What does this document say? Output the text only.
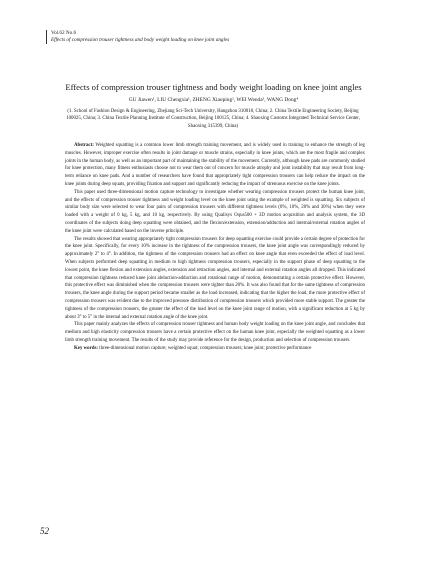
Vol.62 No.6
Effects of compression trouser tightness and body weight loading on knee joint angles
Effects of compression trouser tightness and body weight loading on knee joint angles
GU Jiawen¹, LIU Chengxia¹, ZHENG Xiaoping², WEI Wenda³, WANG Dong⁴
(1. School of Fashion Design & Engineering, Zhejiang Sci-Tech University, Hangzhou 310018, China; 2. China Textile Engineering Society, Beijing 100025, China; 3. China Textile Planning Institute of Construction, Beijing 100125, China; 4. Shaoxing Customs Integrated Technical Service Center, Shaoxing 315399, China)

Abstract: Weighted squatting is a common lower limb strength training movement, and is widely used in training to enhance the strength of leg muscles. However, improper exercise often results in joint damage or muscle strains, especially in knee joints, which are the most fragile and complex joints in the human body, as well as an important part of maintaining the stability of the movement. Currently, although knee pads are commonly studied for knee protection, many fitness enthusiasts choose not to wear them out of concern for muscle atrophy and joint instability that may result from long-term reliance on knee pads. And a number of researchers have found that appropriately tight compression trousers can help reduce the impact on the knee joints during deep squats, providing fixation and support and significantly reducing the impact of strenuous exercise on the knee joints.

This paper used three-dimensional motion capture technology to investigate whether wearing compression trousers protect the human knee joint, and the effects of compression trouser tightness and weight loading level on the knee joint using the example of weighted is squatting. Six subjects of similar body size were selected to wear four pairs of compression trousers with different tightness levels (0%, 10%, 20% and 30%) when they were loaded with a weight of 0 kg, 5 kg, and 10 kg, respectively. By using Qualisys Oqus500 + 3D motion acquisition and analysis system, the 3D coordinates of the subjects doing deep squatting were obtained, and the flexion/extension, extension/adduction and internal/external rotation angles of the knee joint were calculated based on the inverse principle.

The results showed that wearing appropriately tight compression trousers for deep squatting exercise could provide a certain degree of protection for the knee joint. Specifically, for every 10% increase in the tightness of the compression trousers, the knee joint angle was correspondingly reduced by approximately 2° to 4°. In addition, the tightness of the compression trousers had an effect on knee angle that even exceeded the effect of load level. When subjects performed deep squatting in medium to high tightness compression trousers, especially in the support phase of deep squatting to the lowest point, the knee flexion and extension angles, extension and retraction angles, and internal and external rotation angles all dropped. This indicated that compression tightness reduced knee joint abduction-adduction and rotational range of motion, demonstrating a certain protective effect. However, this protective effect was diminished when the compression trousers were tighter than 20%. It was also found that for the same tightness of compression trousers, the knee angle during the support period became smaller as the load increased, indicating that the higher the load, the more protective effect of compression trousers was evident due to the improved pressure distribution of compression trousers which provided more stable support. The greater the tightness of the compression trousers, the greater the effect of the load level on the knee joint range of motion, with a significant reduction at 5 kg by about 3° to 5° in the internal and external rotation angle of the knee joint.

This paper mainly analyzes the effects of compression trouser tightness and human body weight loading on the knee joint angle, and concludes that medium and high elasticity compression trousers have a certain protective effect on the human knee joint, especially the weighted squatting as a lower limb strength training movement. The results of the study may provide reference for the design, production and selection of compression trousers.

Key words: three-dimensional motion capture; weighted squat; compression trousers; knee joint; protective performance

52
